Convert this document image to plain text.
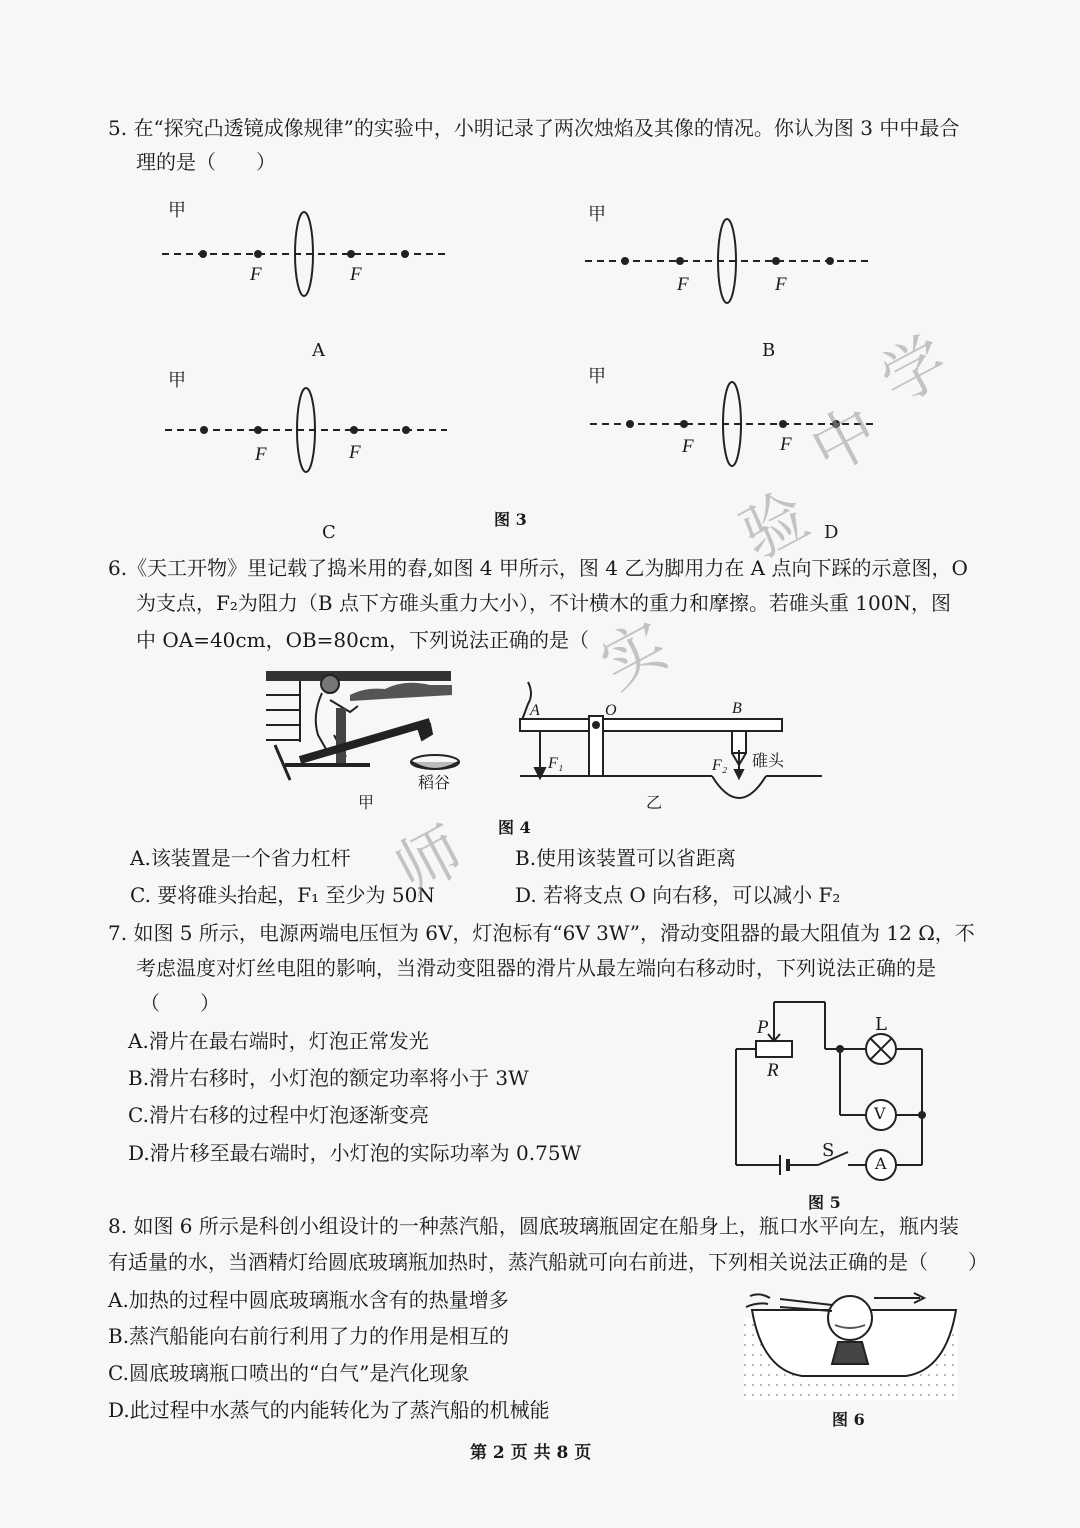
5. 在“探究凸透镜成像规律”的实验中，小明记录了两次烛焰及其像的情况。你认为图 3 中中最合
理的是（　　）
甲	甲
甲	甲
F	F	F	F
F	F	F	F
A	B
C	D
图 3
6.《天工开物》里记载了捣米用的舂,如图 4 甲所示，图 4 乙为脚用力在 A 点向下踩的示意图，O
为支点，F₂为阻力（B 点下方碓头重力大小），不计横木的重力和摩擦。若碓头重 100N，图
中 OA=40cm，OB=80cm，下列说法正确的是（
甲
稻谷
A	O	B
F₁	F₂ 碓头
乙
图 4
A.该装置是一个省力杠杆	B.使用该装置可以省距离
C. 要将碓头抬起，F₁ 至少为 50N	D. 若将支点 O 向右移，可以减小 F₂
7. 如图 5 所示，电源两端电压恒为 6V，灯泡标有“6V 3W”，滑动变阻器的最大阻值为 12 Ω，不
考虑温度对灯丝电阻的影响，当滑动变阻器的滑片从最左端向右移动时，下列说法正确的是
（　　）
A.滑片在最右端时，灯泡正常发光
B.滑片右移时，小灯泡的额定功率将小于 3W
C.滑片右移的过程中灯泡逐渐变亮
D.滑片移至最右端时，小灯泡的实际功率为 0.75W
P
R
L
V
S
A
图 5
8. 如图 6 所示是科创小组设计的一种蒸汽船，圆底玻璃瓶固定在船身上，瓶口水平向左，瓶内装
有适量的水，当酒精灯给圆底玻璃瓶加热时，蒸汽船就可向右前进，下列相关说法正确的是（　　）
A.加热的过程中圆底玻璃瓶水含有的热量增多
B.蒸汽船能向右前行利用了力的作用是相互的
C.圆底玻璃瓶口喷出的“白气”是汽化现象
D.此过程中水蒸气的内能转化为了蒸汽船的机械能	图 6
第 2 页 共 8 页
学
中
验
实
师
